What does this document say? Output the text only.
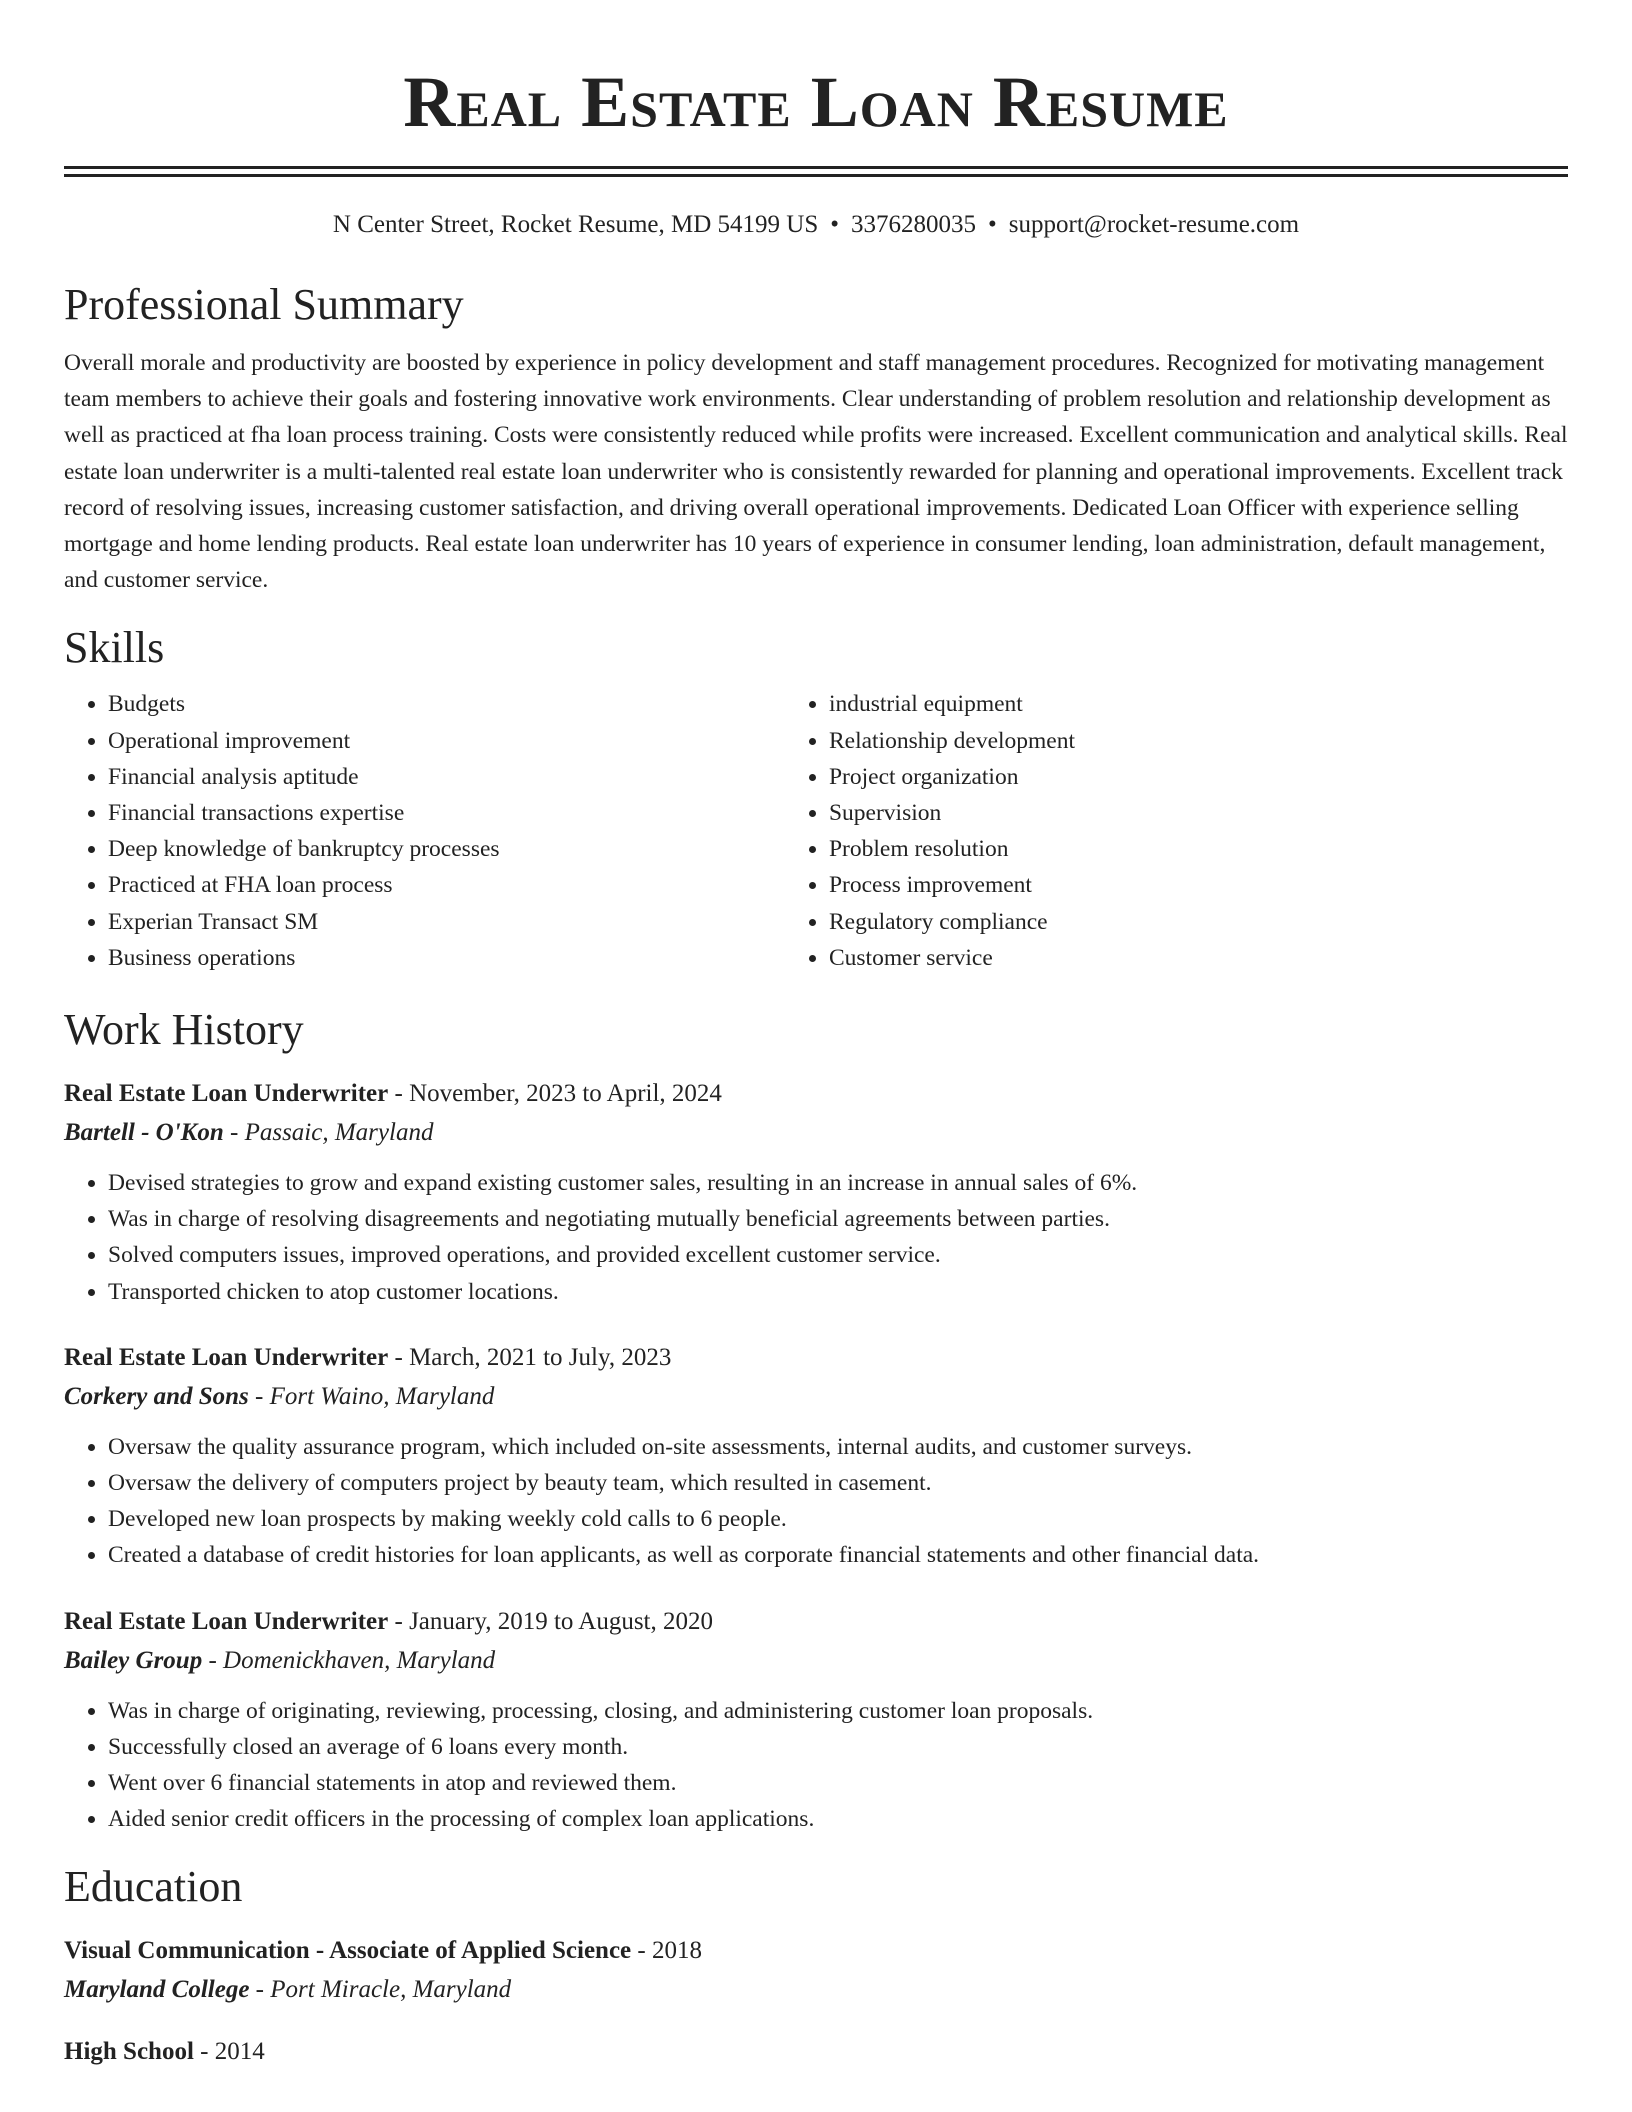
Real Estate Loan Resume
N Center Street, Rocket Resume, MD 54199 US • 3376280035 • support@rocket-resume.com
Professional Summary
Overall morale and productivity are boosted by experience in policy development and staff management procedures. Recognized for motivating management team members to achieve their goals and fostering innovative work environments. Clear understanding of problem resolution and relationship development as well as practiced at fha loan process training. Costs were consistently reduced while profits were increased. Excellent communication and analytical skills. Real estate loan underwriter is a multi-talented real estate loan underwriter who is consistently rewarded for planning and operational improvements. Excellent track record of resolving issues, increasing customer satisfaction, and driving overall operational improvements. Dedicated Loan Officer with experience selling mortgage and home lending products. Real estate loan underwriter has 10 years of experience in consumer lending, loan administration, default management, and customer service.
Skills
• Budgets
• Operational improvement
• Financial analysis aptitude
• Financial transactions expertise
• Deep knowledge of bankruptcy processes
• Practiced at FHA loan process
• Experian Transact SM
• Business operations
• industrial equipment
• Relationship development
• Project organization
• Supervision
• Problem resolution
• Process improvement
• Regulatory compliance
• Customer service
Work History
Real Estate Loan Underwriter - November, 2023 to April, 2024
Bartell - O'Kon - Passaic, Maryland
• Devised strategies to grow and expand existing customer sales, resulting in an increase in annual sales of 6%.
• Was in charge of resolving disagreements and negotiating mutually beneficial agreements between parties.
• Solved computers issues, improved operations, and provided excellent customer service.
• Transported chicken to atop customer locations.
Real Estate Loan Underwriter - March, 2021 to July, 2023
Corkery and Sons - Fort Waino, Maryland
• Oversaw the quality assurance program, which included on-site assessments, internal audits, and customer surveys.
• Oversaw the delivery of computers project by beauty team, which resulted in casement.
• Developed new loan prospects by making weekly cold calls to 6 people.
• Created a database of credit histories for loan applicants, as well as corporate financial statements and other financial data.
Real Estate Loan Underwriter - January, 2019 to August, 2020
Bailey Group - Domenickhaven, Maryland
• Was in charge of originating, reviewing, processing, closing, and administering customer loan proposals.
• Successfully closed an average of 6 loans every month.
• Went over 6 financial statements in atop and reviewed them.
• Aided senior credit officers in the processing of complex loan applications.
Education
Visual Communication - Associate of Applied Science - 2018
Maryland College - Port Miracle, Maryland
High School - 2014
